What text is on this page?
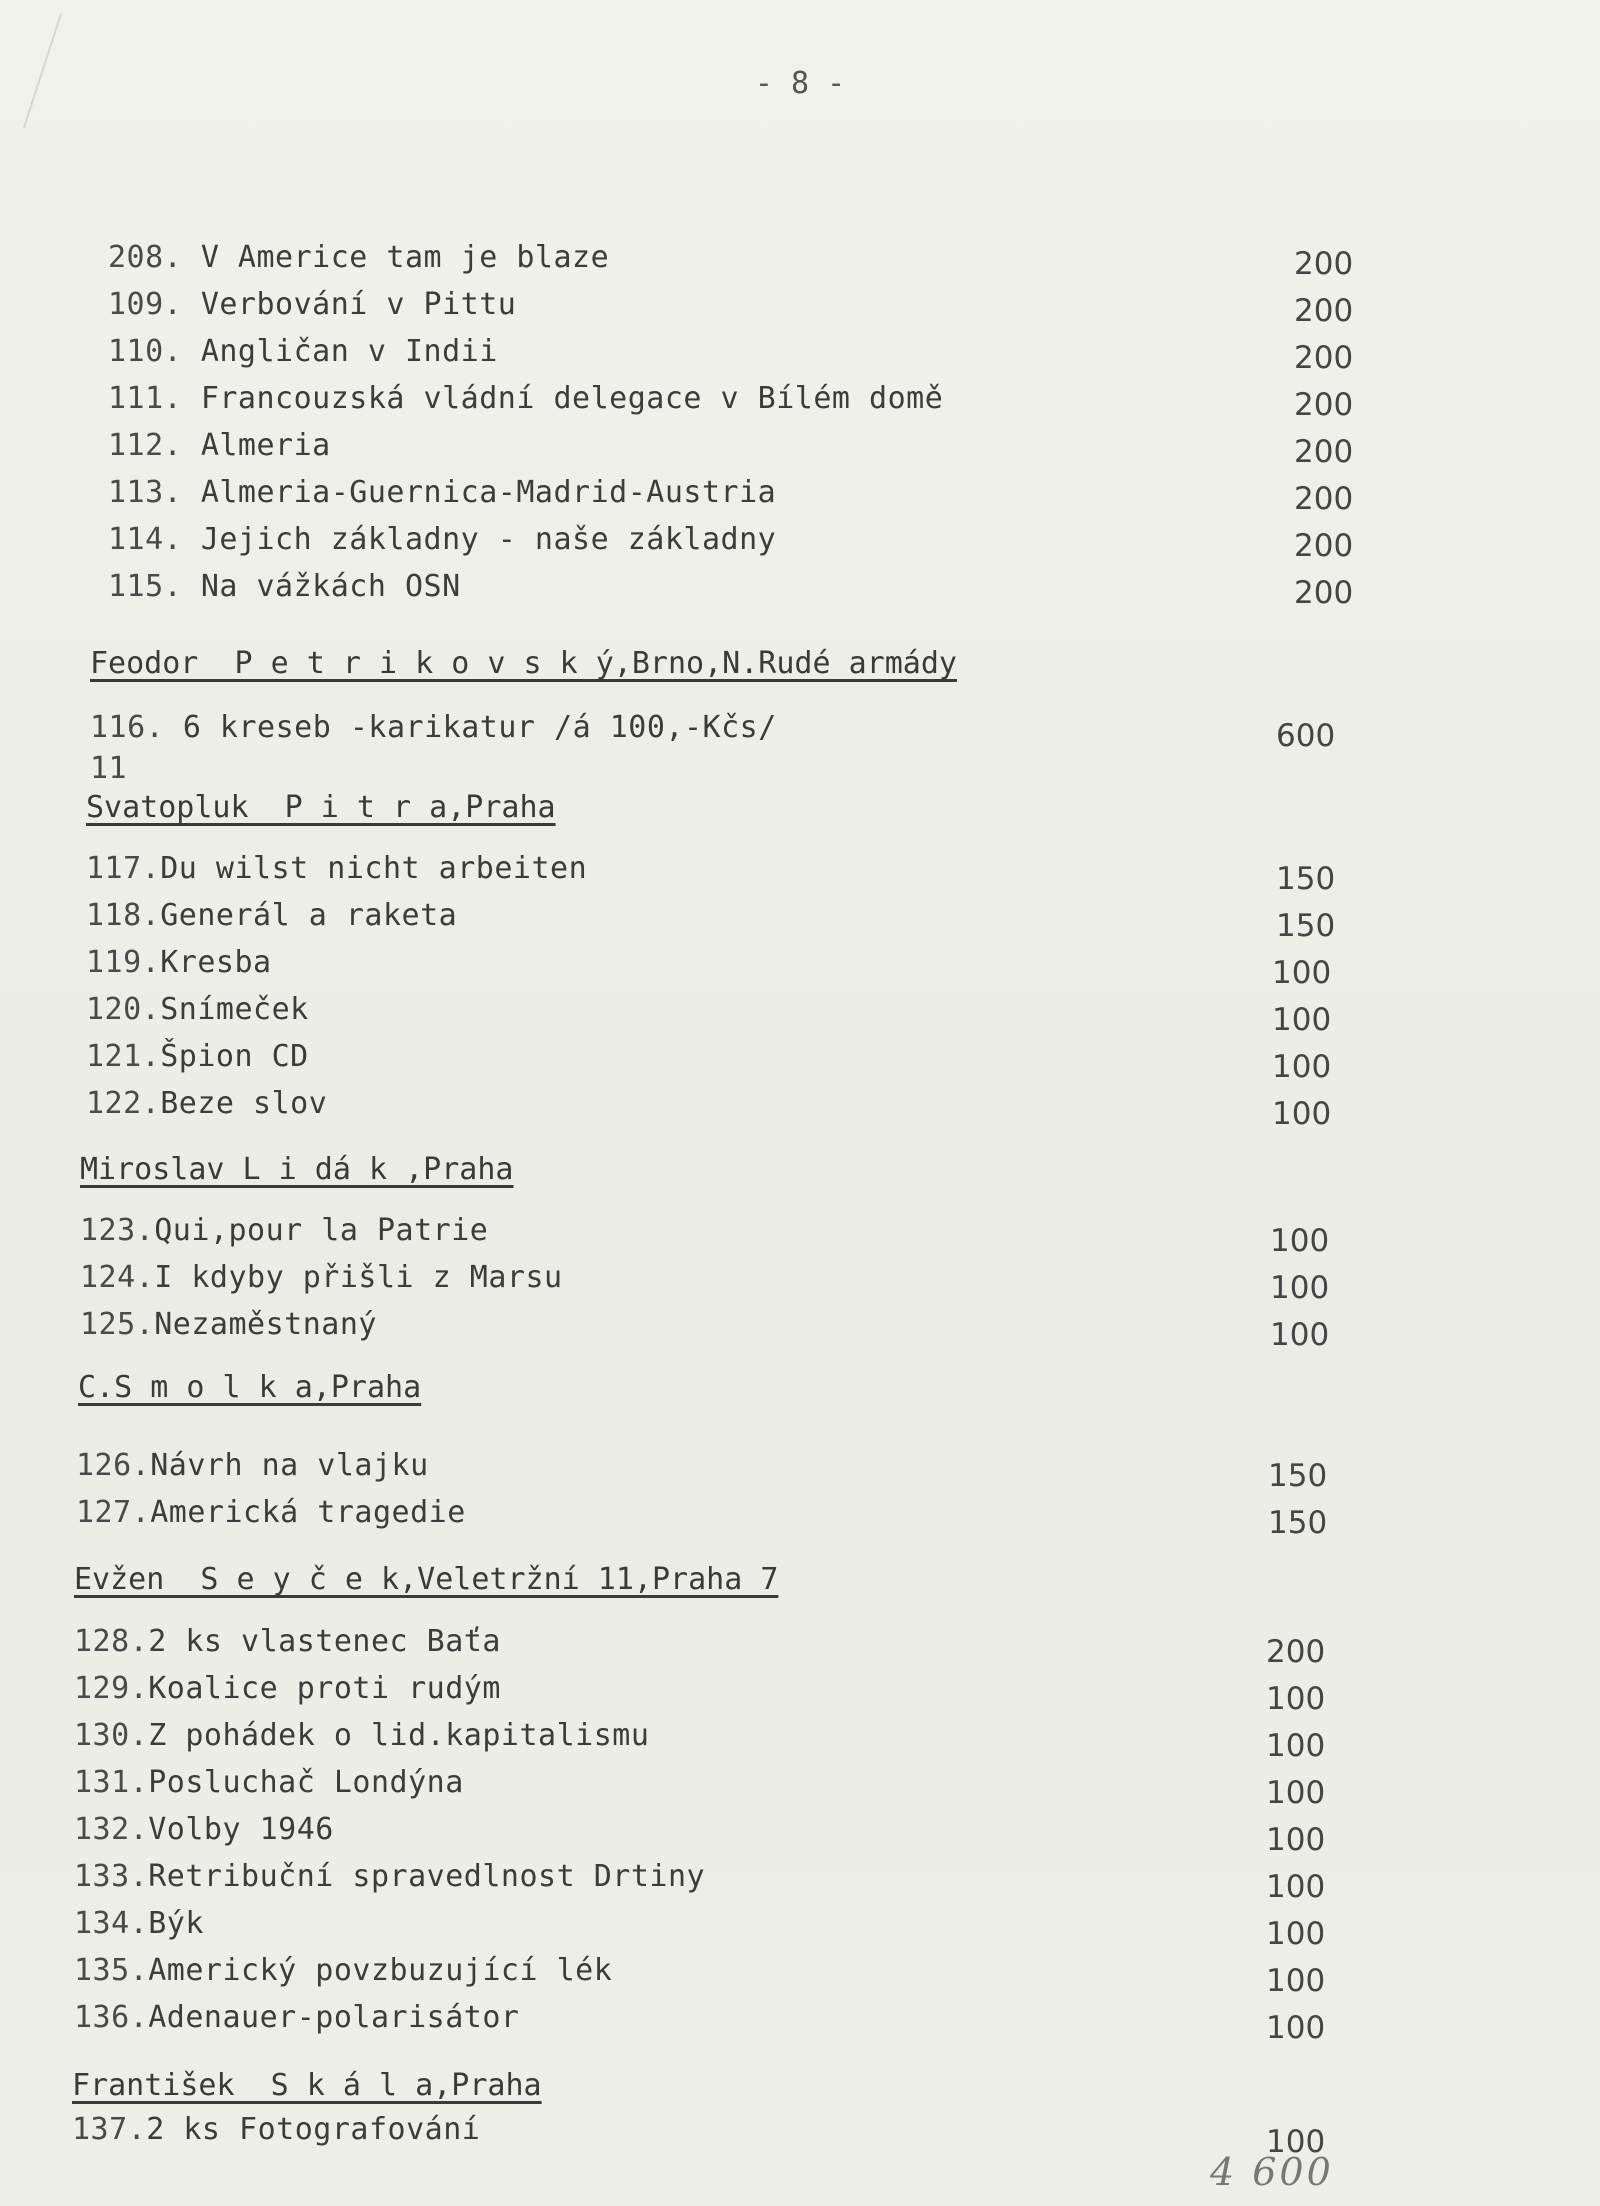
- 8 -
208. V Americe tam je blaze	200
109. Verbování v Pittu	200
110. Angličan v Indii	200
111. Francouzská vládní delegace v Bílém domě	200
112. Almeria	200
113. Almeria-Guernica-Madrid-Austria	200
114. Jejich základny - naše základny	200
115. Na vážkách OSN	200
Feodor  P e t r i k o v s k ý,Brno,N.Rudé armády
116. 6 kreseb -karikatur /á 100,-Kčs/	600
11
Svatopluk  P i t r a,Praha
117.Du wilst nicht arbeiten	150
118.Generál a raketa	150
119.Kresba	100
120.Snímeček	100
121.Špion CD	100
122.Beze slov	100
Miroslav L i dá k ,Praha
123.Qui,pour la Patrie	100
124.I kdyby přišli z Marsu	100
125.Nezaměstnaný	100
C.S m o l k a,Praha
126.Návrh na vlajku	150
127.Americká tragedie	150
Evžen  S e y č e k,Veletržní 11,Praha 7
128.2 ks vlastenec Baťa	200
129.Koalice proti rudým	100
130.Z pohádek o lid.kapitalismu	100
131.Posluchač Londýna	100
132.Volby 1946	100
133.Retribuční spravedlnost Drtiny	100
134.Býk	100
135.Americký povzbuzující lék	100
136.Adenauer-polarisátor	100
František  S k á l a,Praha
137.2 ks Fotografování	100
4 600
